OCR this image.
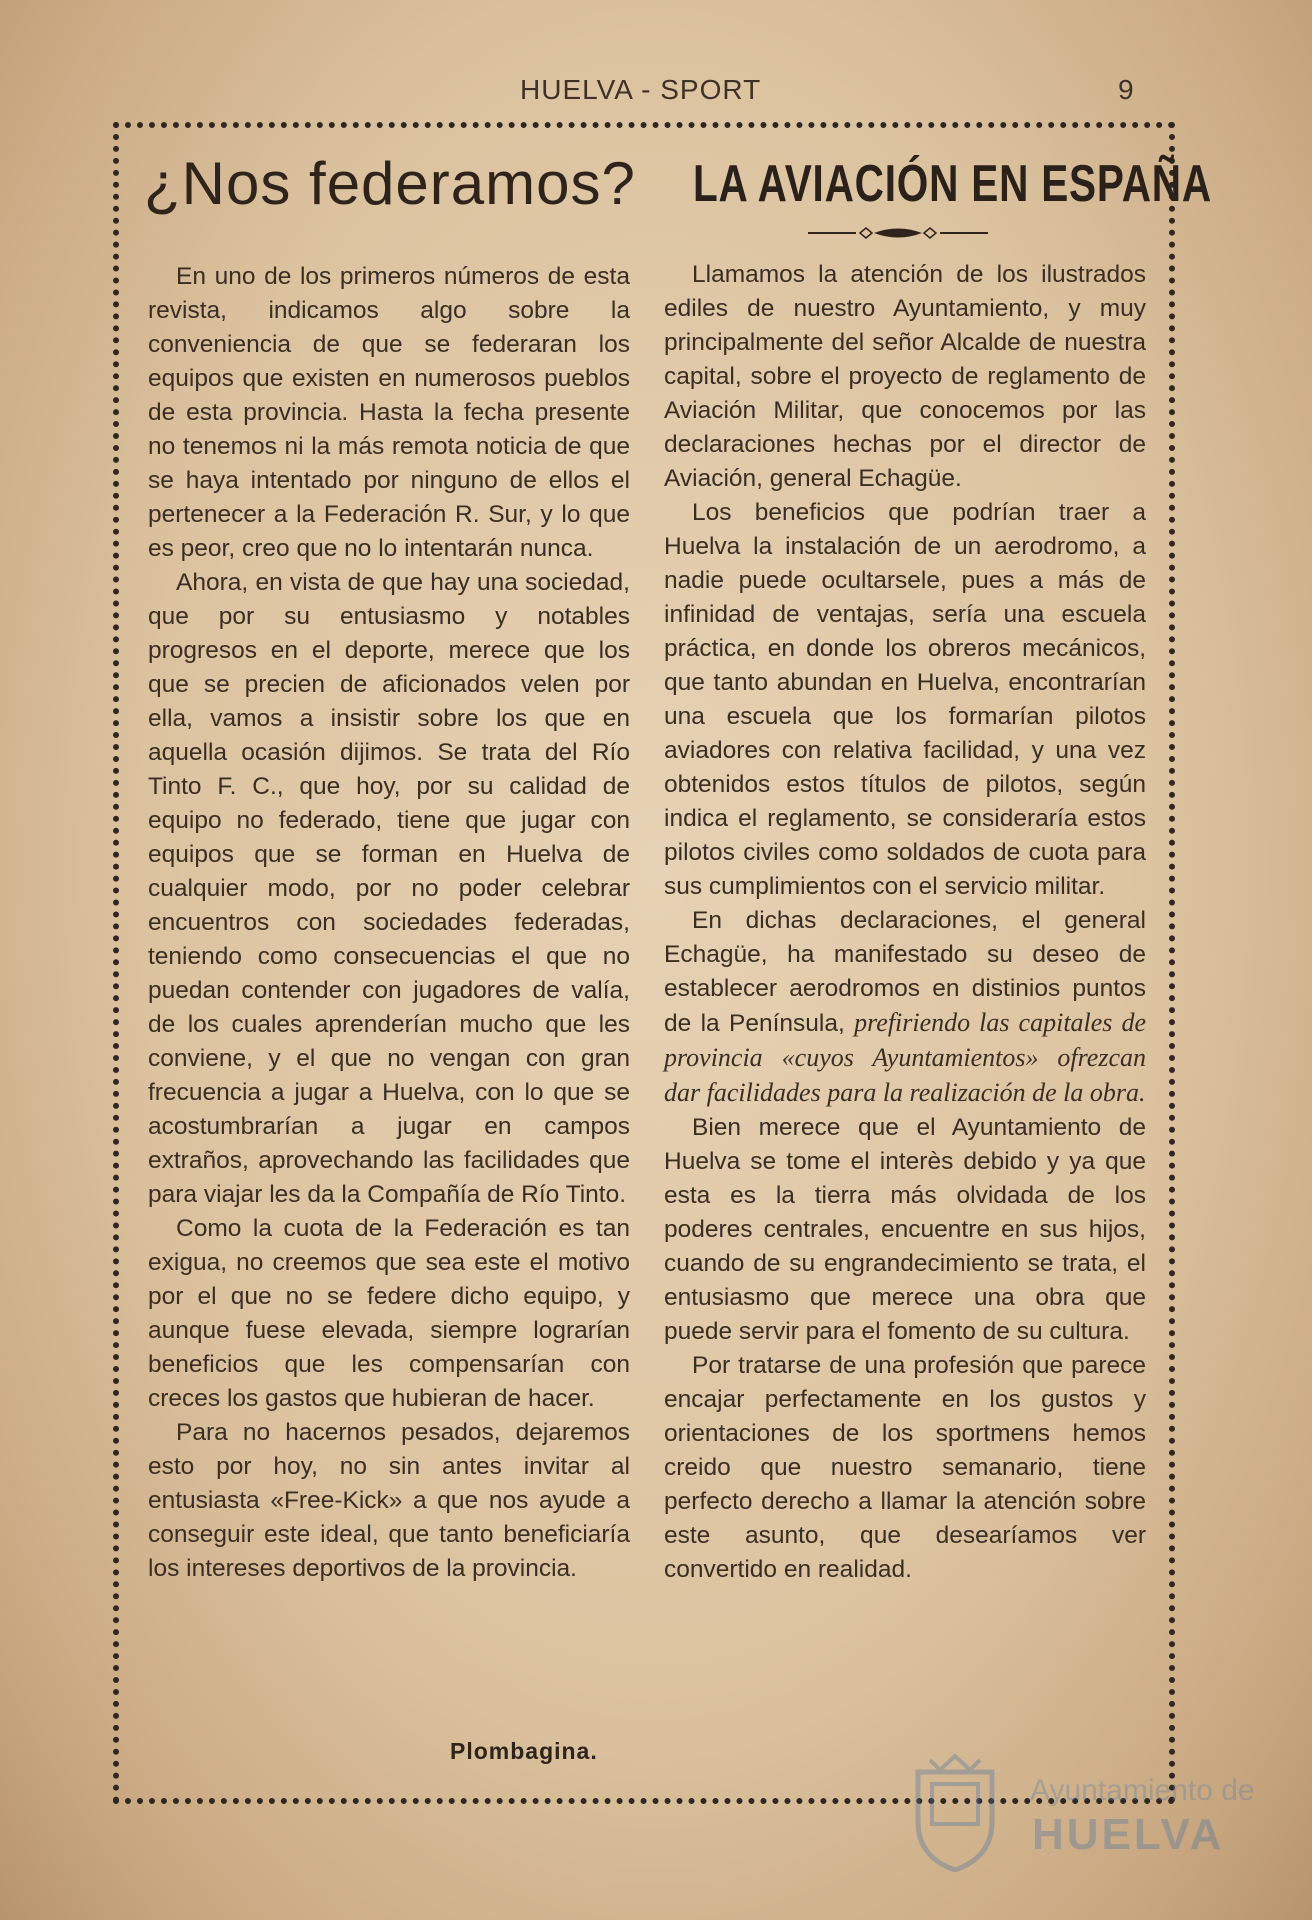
HUELVA - SPORT	9
¿Nos federamos?

En uno de los primeros números de esta revista, indicamos algo sobre la conveniencia de que se federaran los equipos que existen en numerosos pueblos de esta provincia. Hasta la fecha presente no tenemos ni la más remota noticia de que se haya intentado por ninguno de ellos el pertenecer a la Federación R. Sur, y lo que es peor, creo que no lo intentarán nunca.

Ahora, en vista de que hay una sociedad, que por su entusiasmo y notables progresos en el deporte, merece que los que se precien de aficionados velen por ella, vamos a insistir sobre los que en aquella ocasión dijimos. Se trata del Río Tinto F. C., que hoy, por su calidad de equipo no federado, tiene que jugar con equipos que se forman en Huelva de cualquier modo, por no poder celebrar encuentros con sociedades federadas, teniendo como consecuencias el que no puedan contender con jugadores de valía, de los cuales aprenderían mucho que les conviene, y el que no vengan con gran frecuencia a jugar a Huelva, con lo que se acostumbrarían a jugar en campos extraños, aprovechando las facilidades que para viajar les da la Compañía de Río Tinto.

Como la cuota de la Federación es tan exigua, no creemos que sea este el motivo por el que no se federe dicho equipo, y aunque fuese elevada, siempre lograrían beneficios que les compensarían con creces los gastos que hubieran de hacer.

Para no hacernos pesados, dejaremos esto por hoy, no sin antes invitar al entusiasta «Free-Kick» a que nos ayude a conseguir este ideal, que tanto beneficiaría los intereses deportivos de la provincia.

Plombagina.
LA AVIACIÓN EN ESPAÑA

Llamamos la atención de los ilustrados ediles de nuestro Ayuntamiento, y muy principalmente del señor Alcalde de nuestra capital, sobre el proyecto de reglamento de Aviación Militar, que conocemos por las declaraciones hechas por el director de Aviación, general Echagüe.

Los beneficios que podrían traer a Huelva la instalación de un aerodromo, a nadie puede ocultarsele, pues a más de infinidad de ventajas, sería una escuela práctica, en donde los obreros mecánicos, que tanto abundan en Huelva, encontrarían una escuela que los formarían pilotos aviadores con relativa facilidad, y una vez obtenidos estos títulos de pilotos, según indica el reglamento, se consideraría estos pilotos civiles como soldados de cuota para sus cumplimientos con el servicio militar.

En dichas declaraciones, el general Echagüe, ha manifestado su deseo de establecer aerodromos en distinios puntos de la Península, prefiriendo las capitales de provincia «cuyos Ayuntamientos» ofrezcan dar facilidades para la realización de la obra.

Bien merece que el Ayuntamiento de Huelva se tome el interès debido y ya que esta es la tierra más olvidada de los poderes centrales, encuentre en sus hijos, cuando de su engrandecimiento se trata, el entusiasmo que merece una obra que puede servir para el fomento de su cultura.

Por tratarse de una profesión que parece encajar perfectamente en los gustos y orientaciones de los sportmens hemos creido que nuestro semanario, tiene perfecto derecho a llamar la atención sobre este asunto, que desearíamos ver convertido en realidad.

Ayuntamiento de
HUELVA
